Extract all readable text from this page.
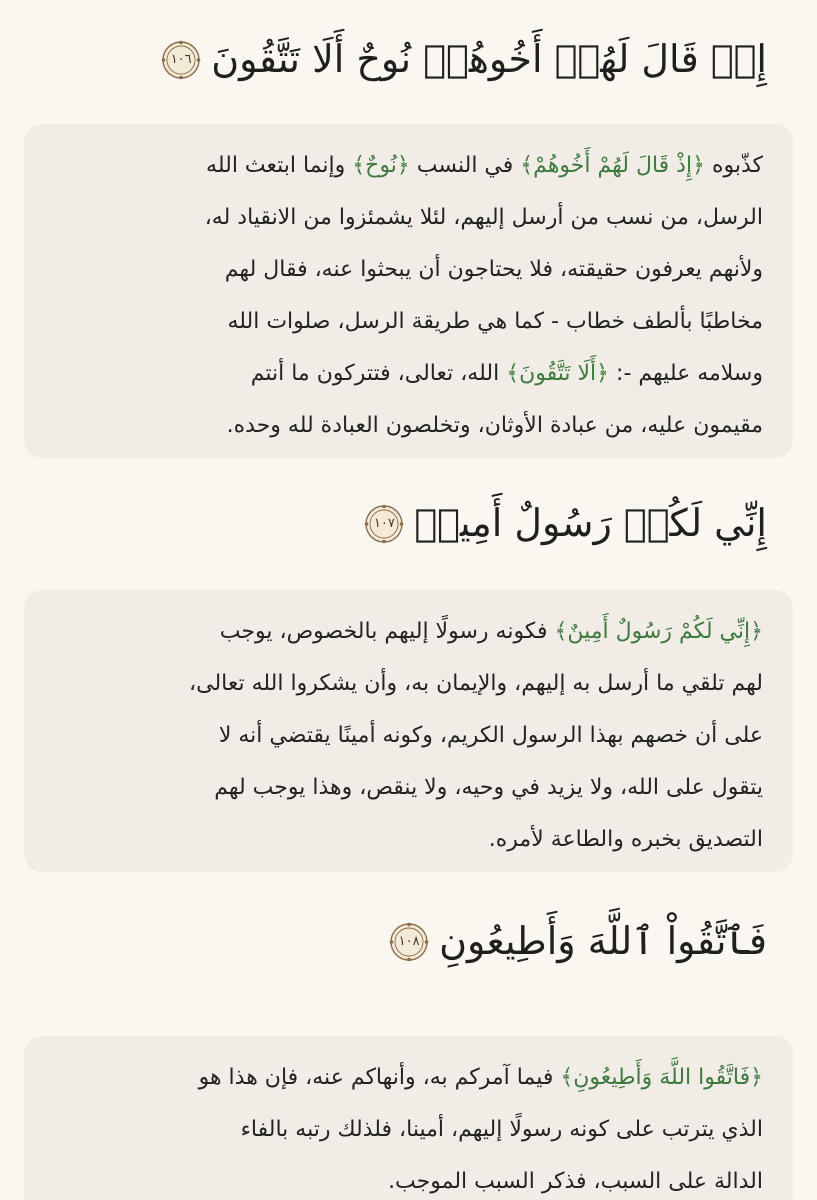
إِذۡ قَالَ لَهُمۡ أَخُوهُمۡ نُوحٌ أَلَا تَتَّقُونَ
١٠٦
كذّبوه ﴿إِذْ قَالَ لَهُمْ أَخُوهُمْ﴾ في النسب ﴿نُوحٌ﴾ وإنما ابتعث الله
الرسل، من نسب من أرسل إليهم، لئلا يشمئزوا من الانقياد له،
ولأنهم يعرفون حقيقته، فلا يحتاجون أن يبحثوا عنه، فقال لهم
مخاطبًا بألطف خطاب - كما هي طريقة الرسل، صلوات الله
وسلامه عليهم -: ﴿أَلَا تَتَّقُونَ﴾ الله، تعالى، فتتركون ما أنتم
مقيمون عليه، من عبادة الأوثان، وتخلصون العبادة لله وحده.
إِنِّي لَكُمۡ رَسُولٌ أَمِينٞ
١٠٧
﴿إِنِّي لَكُمْ رَسُولٌ أَمِينٌ﴾ فكونه رسولًا إليهم بالخصوص، يوجب
لهم تلقي ما أرسل به إليهم، والإيمان به، وأن يشكروا الله تعالى،
على أن خصهم بهذا الرسول الكريم، وكونه أمينًا يقتضي أنه لا
يتقول على الله، ولا يزيد في وحيه، ولا ينقص، وهذا يوجب لهم
التصديق بخبره والطاعة لأمره.
فَٱتَّقُواْ ٱللَّهَ وَأَطِيعُونِ
١٠٨
﴿فَاتَّقُوا اللَّهَ وَأَطِيعُونِ﴾ فيما آمركم به، وأنهاكم عنه، فإن هذا هو
الذي يترتب على كونه رسولًا إليهم، أمينا، فلذلك رتبه بالفاء
الدالة على السبب، فذكر السبب الموجب.
